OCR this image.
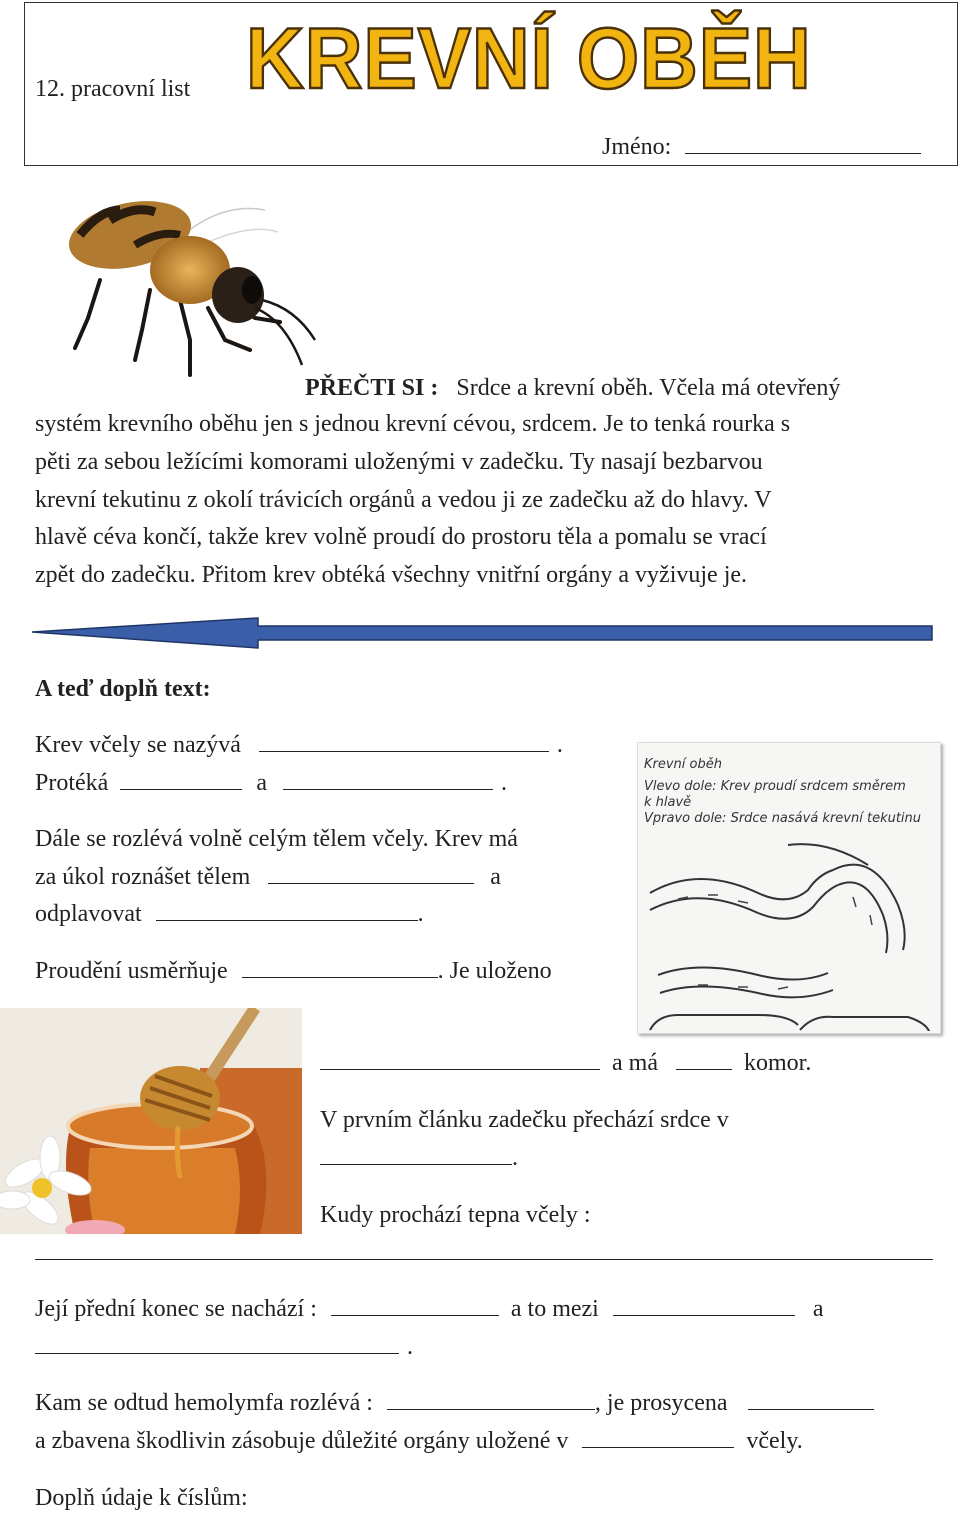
12. pracovní list KREVNÍ OBĚH
Jméno:
PŘEČTI SI : Srdce a krevní oběh. Včela má otevřený
systém krevního oběhu jen s jednou krevní cévou, srdcem. Je to tenká rourka s
pěti za sebou ležícími komorami uloženými v zadečku. Ty nasají bezbarvou
krevní tekutinu z okolí trávicích orgánů a vedou ji ze zadečku až do hlavy. V
hlavě céva končí, takže krev volně proudí do prostoru těla a pomalu se vrací
zpět do zadečku. Přitom krev obtéká všechny vnitřní orgány a vyživuje je.
A teď doplň text:
Krev včely se nazývá	.
Protéká	a	.
Dále se rozlévá volně celým tělem včely. Krev má
za úkol roznášet tělem	a
odplavovat	.
Proudění usměrňuje	. Je uloženo
Krevní oběh
Vlevo dole: Krev proudí srdcem směrem
k hlavě
Vpravo dole: Srdce nasává krevní tekutinu
a má	komor.
V prvním článku zadečku přechází srdce v
.
Kudy prochází tepna včely :
Její přední konec se nachází :	a to mezi	a
.
Kam se odtud hemolymfa rozlévá :	, je prosycena
a zbavena škodlivin zásobuje důležité orgány uložené v	včely.
Doplň údaje k číslům:
